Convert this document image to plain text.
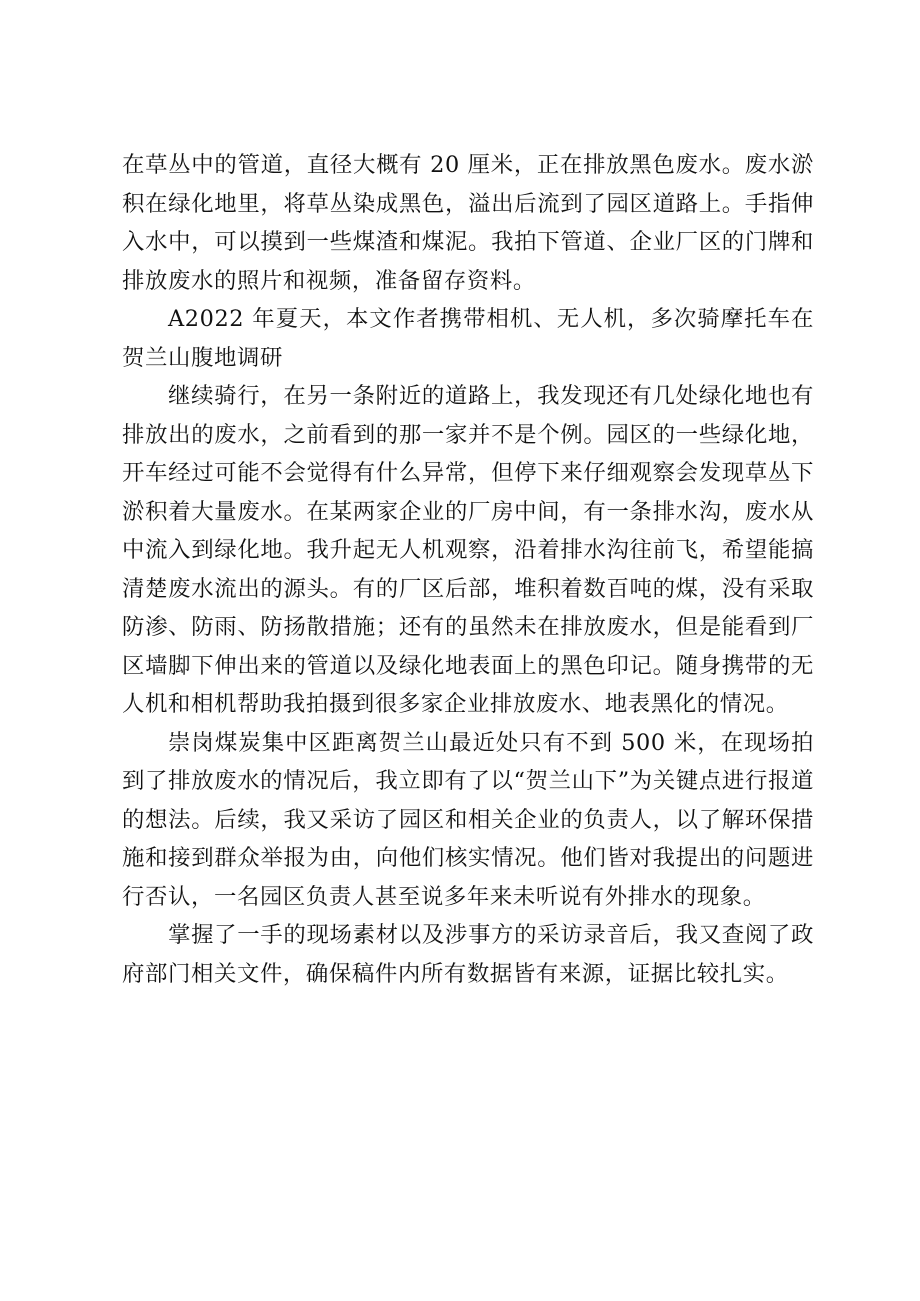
在草丛中的管道，直径大概有 20 厘米，正在排放黑色废水。废水淤积在绿化地里，将草丛染成黑色，溢出后流到了园区道路上。手指伸入水中，可以摸到一些煤渣和煤泥。我拍下管道、企业厂区的门牌和排放废水的照片和视频，准备留存资料。

A2022 年夏天，本文作者携带相机、无人机，多次骑摩托车在贺兰山腹地调研

继续骑行，在另一条附近的道路上，我发现还有几处绿化地也有排放出的废水，之前看到的那一家并不是个例。园区的一些绿化地，开车经过可能不会觉得有什么异常，但停下来仔细观察会发现草丛下淤积着大量废水。在某两家企业的厂房中间，有一条排水沟，废水从中流入到绿化地。我升起无人机观察，沿着排水沟往前飞，希望能搞清楚废水流出的源头。有的厂区后部，堆积着数百吨的煤，没有采取防渗、防雨、防扬散措施；还有的虽然未在排放废水，但是能看到厂区墙脚下伸出来的管道以及绿化地表面上的黑色印记。随身携带的无人机和相机帮助我拍摄到很多家企业排放废水、地表黑化的情况。

崇岗煤炭集中区距离贺兰山最近处只有不到 500 米，在现场拍到了排放废水的情况后，我立即有了以“贺兰山下”为关键点进行报道的想法。后续，我又采访了园区和相关企业的负责人，以了解环保措施和接到群众举报为由，向他们核实情况。他们皆对我提出的问题进行否认，一名园区负责人甚至说多年来未听说有外排水的现象。

掌握了一手的现场素材以及涉事方的采访录音后，我又查阅了政府部门相关文件，确保稿件内所有数据皆有来源，证据比较扎实。
